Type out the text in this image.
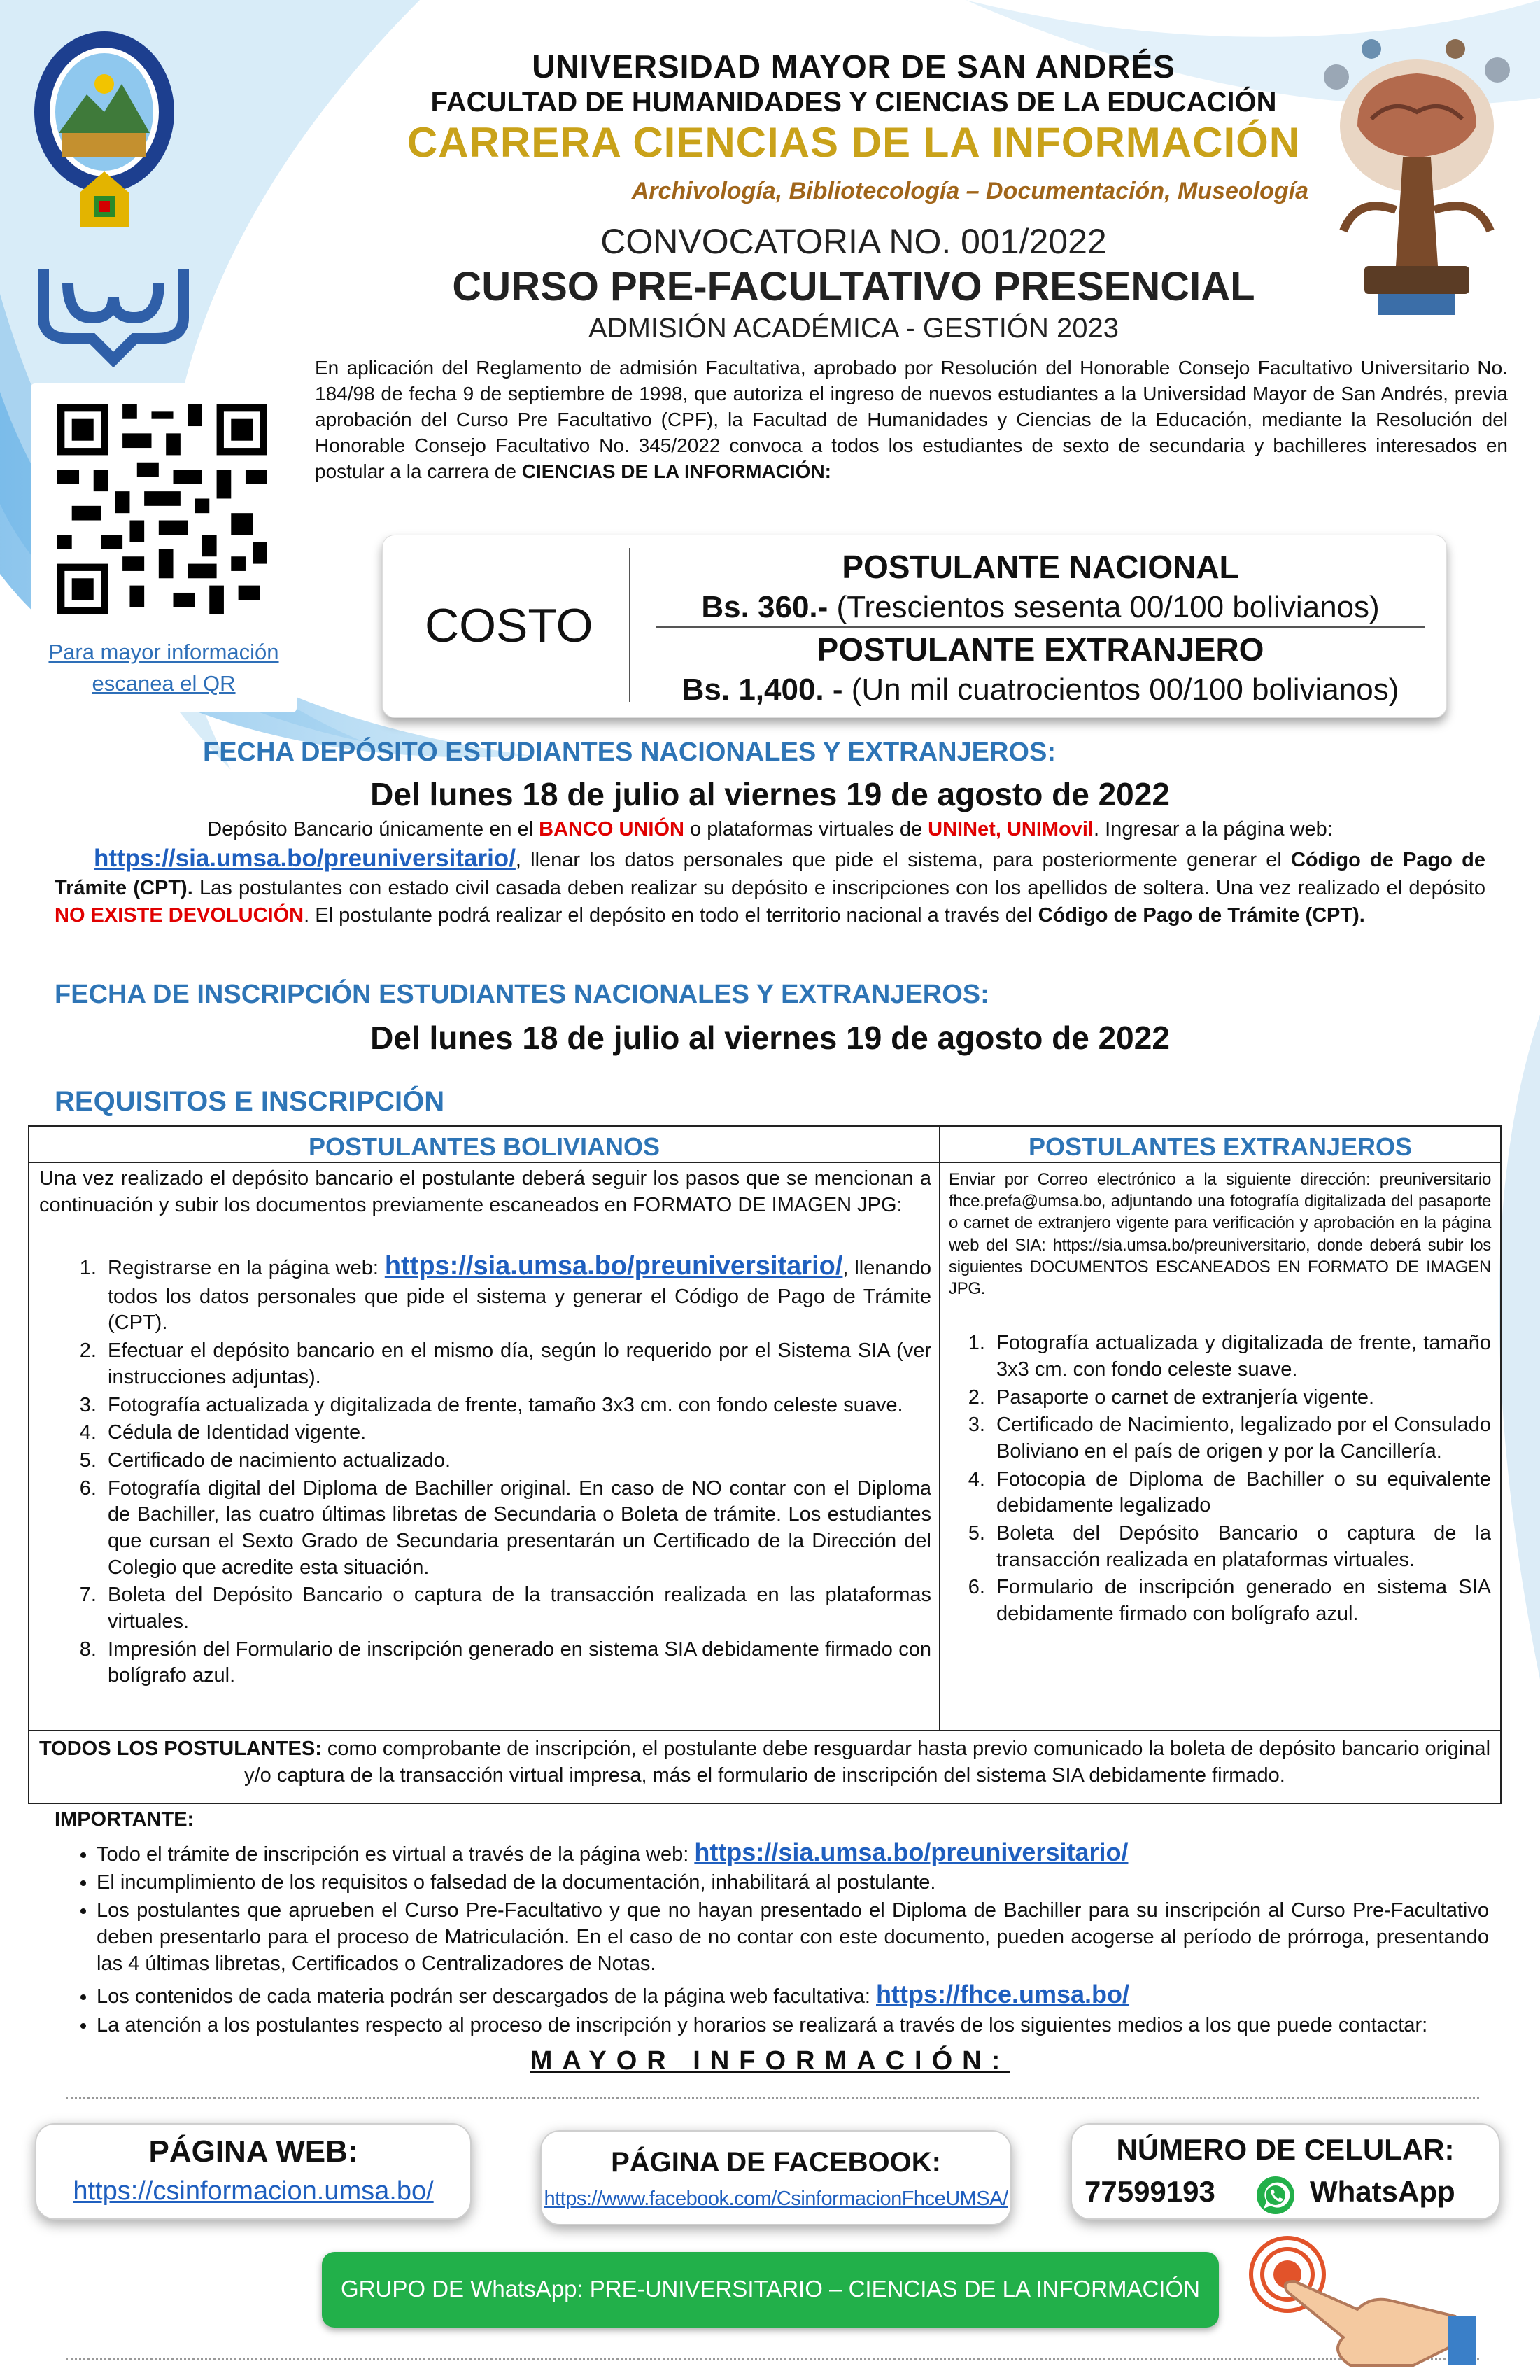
UNIVERSIDAD MAYOR DE SAN ANDRÉS
FACULTAD DE HUMANIDADES Y CIENCIAS DE LA EDUCACIÓN
CARRERA CIENCIAS DE LA INFORMACIÓN
Archivología, Bibliotecología – Documentación, Museología
CONVOCATORIA NO. 001/2022
CURSO PRE-FACULTATIVO PRESENCIAL
ADMISIÓN ACADÉMICA - GESTIÓN 2023
En aplicación del Reglamento de admisión Facultativa, aprobado por Resolución del Honorable Consejo Facultativo Universitario No. 184/98 de fecha 9 de septiembre de 1998, que autoriza el ingreso de nuevos estudiantes a la Universidad Mayor de San Andrés, previa aprobación del Curso Pre Facultativo (CPF), la Facultad de Humanidades y Ciencias de la Educación, mediante la Resolución del Honorable Consejo Facultativo No. 345/2022 convoca a todos los estudiantes de sexto de secundaria y bachilleres interesados en postular a la carrera de CIENCIAS DE LA INFORMACIÓN:
Para mayor información
escanea el QR
COSTO
POSTULANTE NACIONAL
Bs. 360.- (Trescientos sesenta 00/100 bolivianos)
POSTULANTE EXTRANJERO
Bs. 1,400. - (Un mil cuatrocientos 00/100 bolivianos)
FECHA DEPÓSITO ESTUDIANTES NACIONALES Y EXTRANJEROS:
Del lunes 18 de julio al viernes 19 de agosto de 2022
Depósito Bancario únicamente en el BANCO UNIÓN o plataformas virtuales de UNINet, UNIMovil. Ingresar a la página web:
https://sia.umsa.bo/preuniversitario/, llenar los datos personales que pide el sistema, para posteriormente generar el Código de Pago de Trámite (CPT). Las postulantes con estado civil casada deben realizar su depósito e inscripciones con los apellidos de soltera. Una vez realizado el depósito NO EXISTE DEVOLUCIÓN. El postulante podrá realizar el depósito en todo el territorio nacional a través del Código de Pago de Trámite (CPT).
FECHA DE INSCRIPCIÓN ESTUDIANTES NACIONALES Y EXTRANJEROS:
Del lunes 18 de julio al viernes 19 de agosto de 2022
REQUISITOS E INSCRIPCIÓN
POSTULANTES BOLIVIANOS	POSTULANTES EXTRANJEROS

Una vez realizado el depósito bancario el postulante deberá seguir los pasos que se mencionan a continuación y subir los documentos previamente escaneados en FORMATO DE IMAGEN JPG:

1. Registrarse en la página web: https://sia.umsa.bo/preuniversitario/, llenando todos los datos personales que pide el sistema y generar el Código de Pago de Trámite (CPT).
2. Efectuar el depósito bancario en el mismo día, según lo requerido por el Sistema SIA (ver instrucciones adjuntas).
3. Fotografía actualizada y digitalizada de frente, tamaño 3x3 cm. con fondo celeste suave.
4. Cédula de Identidad vigente.
5. Certificado de nacimiento actualizado.
6. Fotografía digital del Diploma de Bachiller original. En caso de NO contar con el Diploma de Bachiller, las cuatro últimas libretas de Secundaria o Boleta de trámite. Los estudiantes que cursan el Sexto Grado de Secundaria presentarán un Certificado de la Dirección del Colegio que acredite esta situación.
7. Boleta del Depósito Bancario o captura de la transacción realizada en las plataformas virtuales.
8. Impresión del Formulario de inscripción generado en sistema SIA debidamente firmado con bolígrafo azul.

Enviar por Correo electrónico a la siguiente dirección: preuniversitario fhce.prefa@umsa.bo, adjuntando una fotografía digitalizada del pasaporte o carnet de extranjero vigente para verificación y aprobación en la página web del SIA: https://sia.umsa.bo/preuniversitario, donde deberá subir los siguientes DOCUMENTOS ESCANEADOS EN FORMATO DE IMAGEN JPG.

1. Fotografía actualizada y digitalizada de frente, tamaño 3x3 cm. con fondo celeste suave.
2. Pasaporte o carnet de extranjería vigente.
3. Certificado de Nacimiento, legalizado por el Consulado Boliviano en el país de origen y por la Cancillería.
4. Fotocopia de Diploma de Bachiller o su equivalente debidamente legalizado
5. Boleta del Depósito Bancario o captura de la transacción realizada en plataformas virtuales.
6. Formulario de inscripción generado en sistema SIA debidamente firmado con bolígrafo azul.
TODOS LOS POSTULANTES: como comprobante de inscripción, el postulante debe resguardar hasta previo comunicado la boleta de depósito bancario original y/o captura de la transacción virtual impresa, más el formulario de inscripción del sistema SIA debidamente firmado.
IMPORTANTE:
• Todo el trámite de inscripción es virtual a través de la página web: https://sia.umsa.bo/preuniversitario/
• El incumplimiento de los requisitos o falsedad de la documentación, inhabilitará al postulante.
• Los postulantes que aprueben el Curso Pre-Facultativo y que no hayan presentado el Diploma de Bachiller para su inscripción al Curso Pre-Facultativo deben presentarlo para el proceso de Matriculación. En el caso de no contar con este documento, pueden acogerse al período de prórroga, presentando las 4 últimas libretas, Certificados o Centralizadores de Notas.
• Los contenidos de cada materia podrán ser descargados de la página web facultativa: https://fhce.umsa.bo/
• La atención a los postulantes respecto al proceso de inscripción y horarios se realizará a través de los siguientes medios a los que puede contactar:
MAYOR INFORMACIÓN:
PÁGINA WEB:
https://csinformacion.umsa.bo/
PÁGINA DE FACEBOOK:
https://www.facebook.com/CsinformacionFhceUMSA/
NÚMERO DE CELULAR:
77599193	WhatsApp
GRUPO DE WhatsApp: PRE-UNIVERSITARIO – CIENCIAS DE LA INFORMACIÓN
